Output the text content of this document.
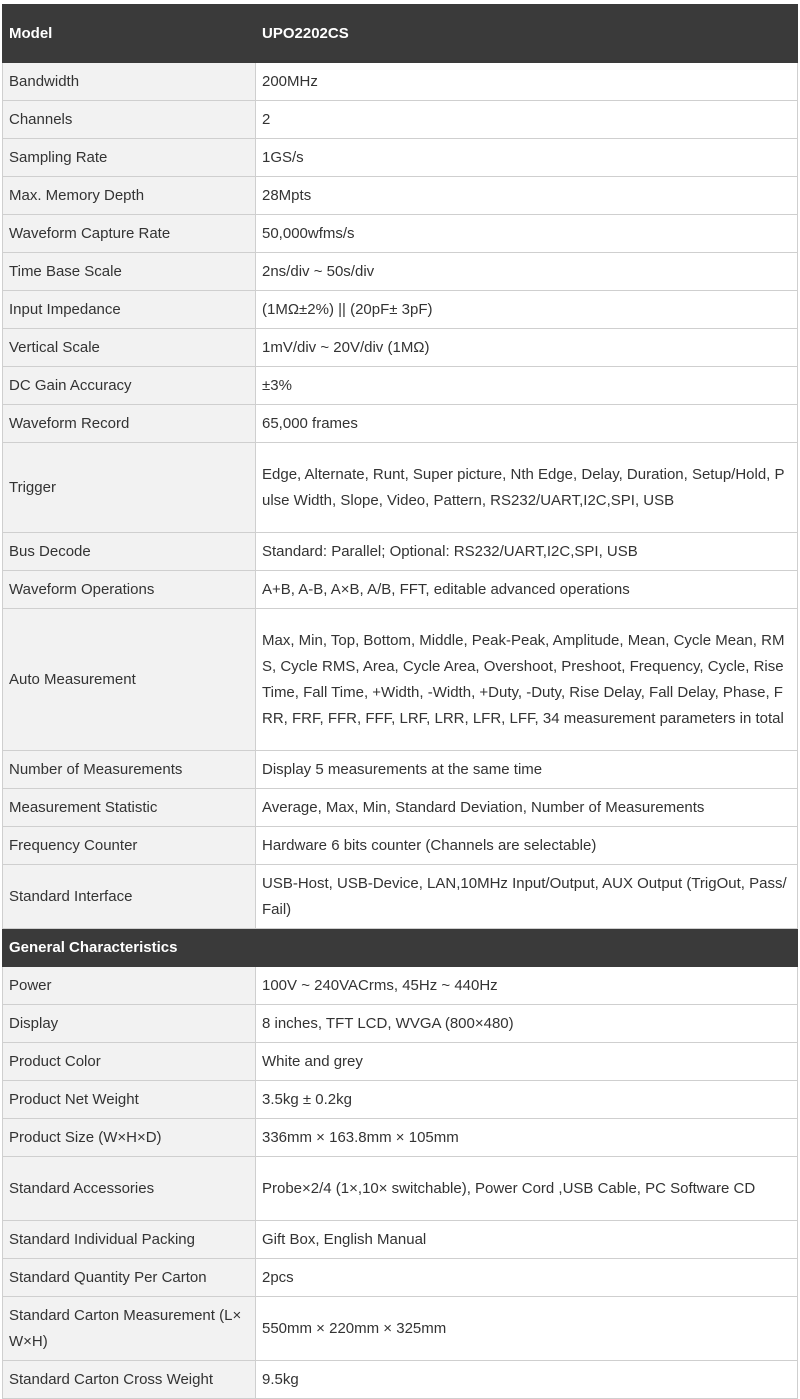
Model	UPO2202CS
Bandwidth	200MHz
Channels	2
Sampling Rate	1GS/s
Max. Memory Depth	28Mpts
Waveform Capture Rate	50,000wfms/s
Time Base Scale	2ns/div ~ 50s/div
Input Impedance	(1MΩ±2%) || (20pF± 3pF)
Vertical Scale	1mV/div ~ 20V/div (1MΩ)
DC Gain Accuracy	±3%
Waveform Record	65,000 frames
Trigger	Edge, Alternate, Runt, Super picture, Nth Edge, Delay, Duration, Setup/Hold, Pulse Width, Slope, Video, Pattern, RS232/UART,I2C,SPI, USB
Bus Decode	Standard: Parallel; Optional: RS232/UART,I2C,SPI, USB
Waveform Operations	A+B, A-B, A×B, A/B, FFT, editable advanced operations
Auto Measurement	Max, Min, Top, Bottom, Middle, Peak-Peak, Amplitude, Mean, Cycle Mean, RMS, Cycle RMS, Area, Cycle Area, Overshoot, Preshoot, Frequency, Cycle, Rise Time, Fall Time, +Width, -Width, +Duty, -Duty, Rise Delay, Fall Delay, Phase, FRR, FRF, FFR, FFF, LRF, LRR, LFR, LFF, 34 measurement parameters in total
Number of Measurements	Display 5 measurements at the same time
Measurement Statistic	Average, Max, Min, Standard Deviation, Number of Measurements
Frequency Counter	Hardware 6 bits counter (Channels are selectable)
Standard Interface	USB-Host, USB-Device, LAN,10MHz Input/Output, AUX Output (TrigOut, Pass/Fail)
General Characteristics	
Power	100V ~ 240VACrms, 45Hz ~ 440Hz
Display	8 inches, TFT LCD, WVGA (800×480)
Product Color	White and grey
Product Net Weight	3.5kg ± 0.2kg
Product Size (W×H×D)	336mm × 163.8mm × 105mm
Standard Accessories	Probe×2/4 (1×,10× switchable), Power Cord ,USB Cable, PC Software CD
Standard Individual Packing	Gift Box, English Manual
Standard Quantity Per Carton	2pcs
Standard Carton Measurement (L×W×H)	550mm × 220mm × 325mm
Standard Carton Cross Weight	9.5kg
